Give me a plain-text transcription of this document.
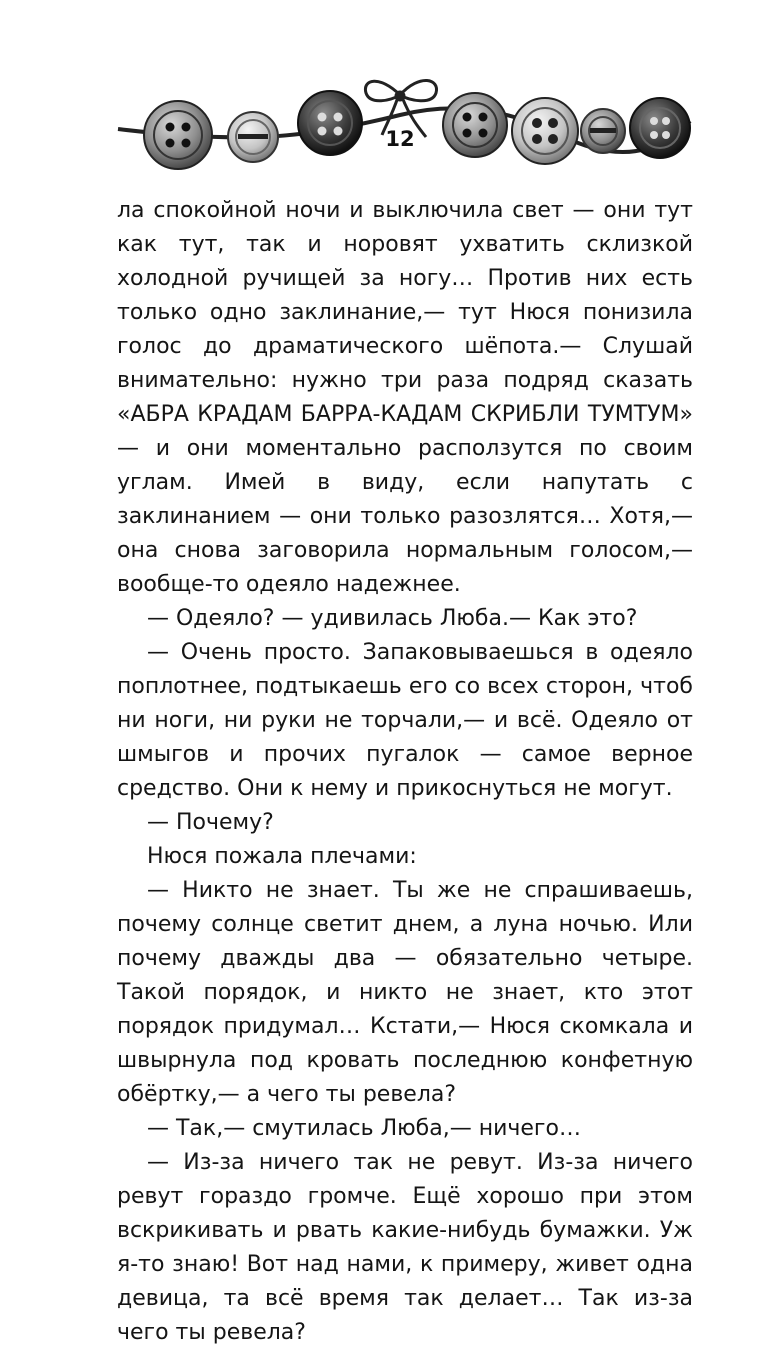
12

ла спокойной ночи и выключила свет — они тут как тут, так и норовят ухватить склизкой холодной ручищей за ногу… Против них есть только одно заклинание,— тут Нюся понизила голос до драматического шёпота.— Слушай внимательно: нужно три раза подряд сказать «АБРА КРАДАМ БАРРА-КАДАМ СКРИБЛИ ТУМТУМ» — и они моментально расползутся по своим углам. Имей в виду, если напутать с заклинанием — они только разозлятся… Хотя,— она снова заговорила нормальным голосом,— вообще-то одеяло надежнее.

— Одеяло? — удивилась Люба.— Как это?

— Очень просто. Запаковываешься в одеяло поплотнее, подтыкаешь его со всех сторон, чтоб ни ноги, ни руки не торчали,— и всё. Одеяло от шмыгов и прочих пугалок — самое верное средство. Они к нему и прикоснуться не могут.

— Почему?

Нюся пожала плечами:

— Никто не знает. Ты же не спрашиваешь, почему солнце светит днем, а луна ночью. Или почему дважды два — обязательно четыре. Такой порядок, и никто не знает, кто этот порядок придумал… Кстати,— Нюся скомкала и швырнула под кровать последнюю конфетную обёртку,— а чего ты ревела?

— Так,— смутилась Люба,— ничего…

— Из-за ничего так не ревут. Из-за ничего ревут гораздо громче. Ещё хорошо при этом вскрикивать и рвать какие-нибудь бумажки. Уж я-то знаю! Вот над нами, к примеру, живет одна девица, та всё время так делает… Так из-за чего ты ревела?
